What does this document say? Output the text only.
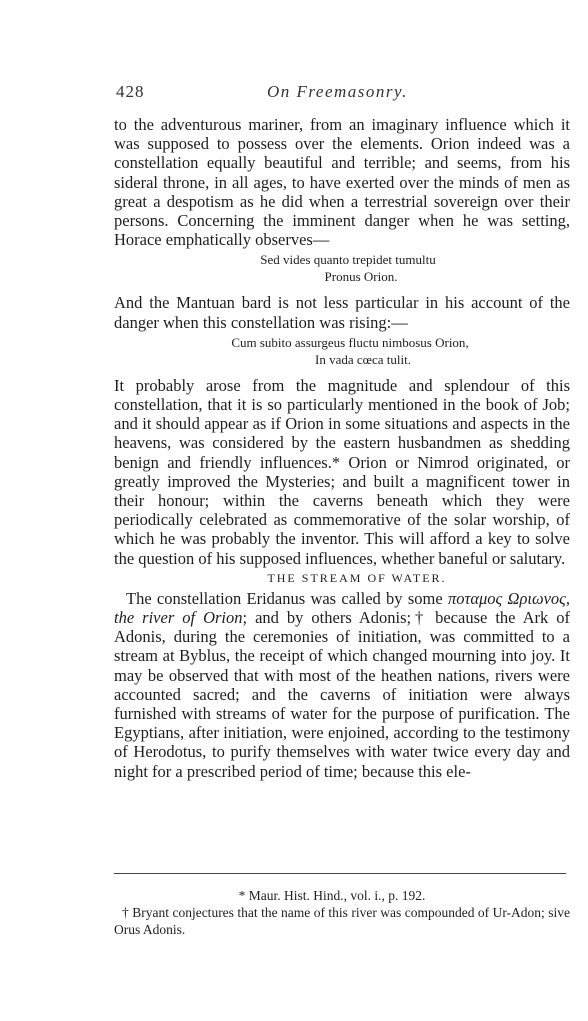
428	On Freemasonry.

to the adventurous mariner, from an imaginary influence which it was supposed to possess over the elements. Orion indeed was a constellation equally beautiful and terrible; and seems, from his sideral throne, in all ages, to have exerted over the minds of men as great a despotism as he did when a terrestrial sovereign over their persons. Concerning the imminent danger when he was setting, Horace emphatically observes—

Sed vides quanto trepidet tumultu
Pronus Orion.

And the Mantuan bard is not less particular in his account of the danger when this constellation was rising:—

Cum subito assurgeus fluctu nimbosus Orion,
In vada cœca tulit.

It probably arose from the magnitude and splendour of this constellation, that it is so particularly mentioned in the book of Job; and it should appear as if Orion in some situations and aspects in the heavens, was considered by the eastern husbandmen as shedding benign and friendly influences.* Orion or Nimrod originated, or greatly improved the Mysteries; and built a magnificent tower in their honour; within the caverns beneath which they were periodically celebrated as commemorative of the solar worship, of which he was probably the inventor. This will afford a key to solve the question of his supposed influences, whether baneful or salutary.

THE STREAM OF WATER.

The constellation Eridanus was called by some ποταμος Ωριωνος, the river of Orion; and by others Adonis;† because the Ark of Adonis, during the ceremonies of initiation, was committed to a stream at Byblus, the receipt of which changed mourning into joy. It may be observed that with most of the heathen nations, rivers were accounted sacred; and the caverns of initiation were always furnished with streams of water for the purpose of purification. The Egyptians, after initiation, were enjoined, according to the testimony of Herodotus, to purify themselves with water twice every day and night for a prescribed period of time; because this ele-

* Maur. Hist. Hind., vol. i., p. 192.

† Bryant conjectures that the name of this river was compounded of Ur-Adon; sive Orus Adonis.
